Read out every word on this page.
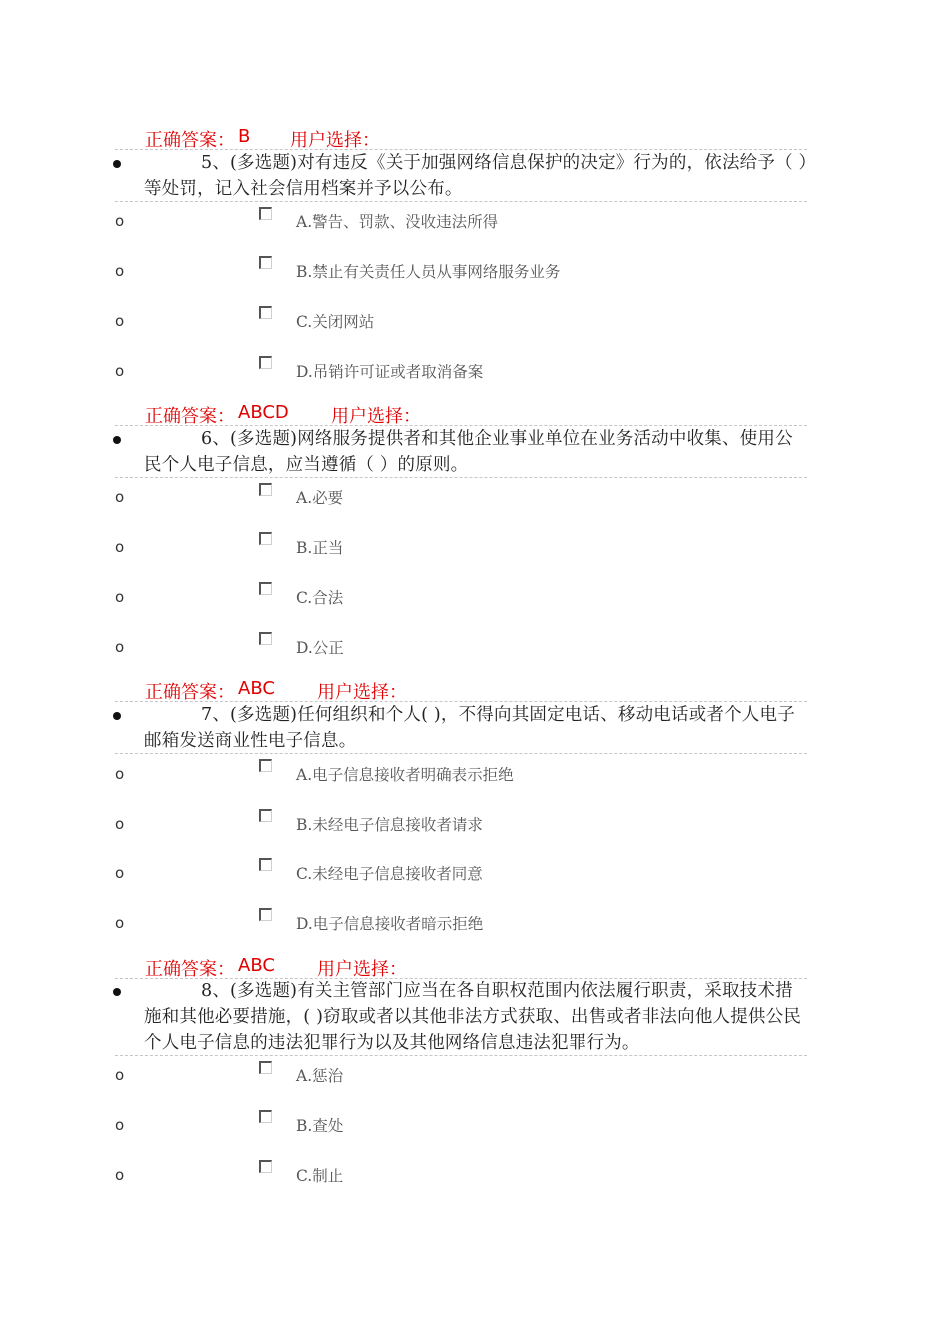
正确答案： B 用户选择：
5、(多选题)对有违反《关于加强网络信息保护的决定》行为的，依法给予（ ）等处罚，记入社会信用档案并予以公布。
o	A.警告、罚款、没收违法所得
o	B.禁止有关责任人员从事网络服务业务
o	C.关闭网站
o	D.吊销许可证或者取消备案
正确答案： ABCD 用户选择：
6、(多选题)网络服务提供者和其他企业事业单位在业务活动中收集、使用公民个人电子信息，应当遵循（ ）的原则。
o	A.必要
o	B.正当
o	C.合法
o	D.公正
正确答案： ABC 用户选择：
7、(多选题)任何组织和个人( )，不得向其固定电话、移动电话或者个人电子邮箱发送商业性电子信息。
o	A.电子信息接收者明确表示拒绝
o	B.未经电子信息接收者请求
o	C.未经电子信息接收者同意
o	D.电子信息接收者暗示拒绝
正确答案： ABC 用户选择：
8、(多选题)有关主管部门应当在各自职权范围内依法履行职责，采取技术措施和其他必要措施，( )窃取或者以其他非法方式获取、出售或者非法向他人提供公民个人电子信息的违法犯罪行为以及其他网络信息违法犯罪行为。
o	A.惩治
o	B.查处
o	C.制止
